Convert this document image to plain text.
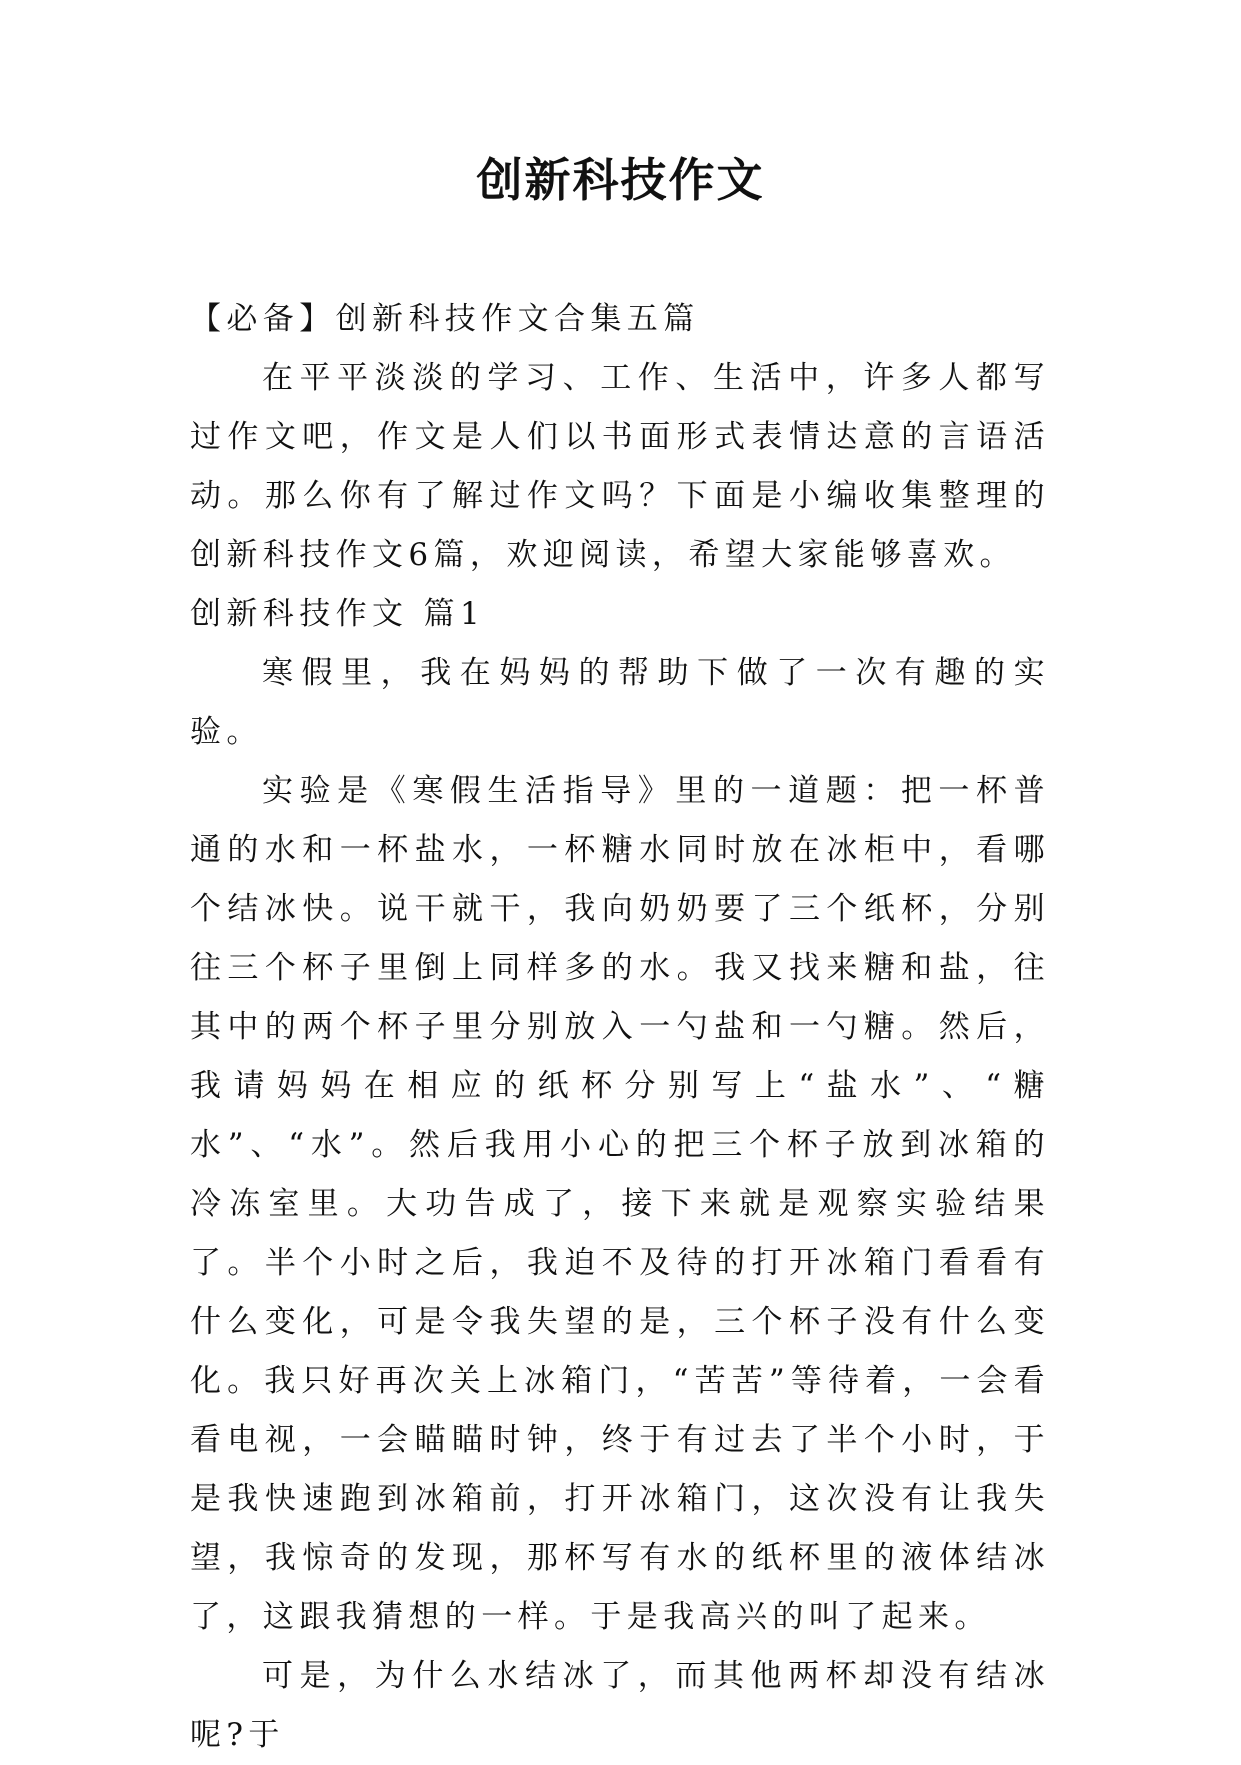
创新科技作文

【必备】创新科技作文合集五篇

在平平淡淡的学习、工作、生活中，许多人都写过作文吧，作文是人们以书面形式表情达意的言语活动。那么你有了解过作文吗？下面是小编收集整理的创新科技作文6篇，欢迎阅读，希望大家能够喜欢。

创新科技作文 篇1

寒假里，我在妈妈的帮助下做了一次有趣的实验。

实验是《寒假生活指导》里的一道题：把一杯普通的水和一杯盐水，一杯糖水同时放在冰柜中，看哪个结冰快。说干就干，我向奶奶要了三个纸杯，分别往三个杯子里倒上同样多的水。我又找来糖和盐，往其中的两个杯子里分别放入一勺盐和一勺糖。然后，我请妈妈在相应的纸杯分别写上“盐水”、“糖水”、“水”。然后我用小心的把三个杯子放到冰箱的冷冻室里。大功告成了，接下来就是观察实验结果了。半个小时之后，我迫不及待的打开冰箱门看看有什么变化，可是令我失望的是，三个杯子没有什么变化。我只好再次关上冰箱门，“苦苦”等待着，一会看看电视，一会瞄瞄时钟，终于有过去了半个小时，于是我快速跑到冰箱前，打开冰箱门，这次没有让我失望，我惊奇的发现，那杯写有水的纸杯里的液体结冰了，这跟我猜想的一样。于是我高兴的叫了起来。

可是，为什么水结冰了，而其他两杯却没有结冰呢?于
